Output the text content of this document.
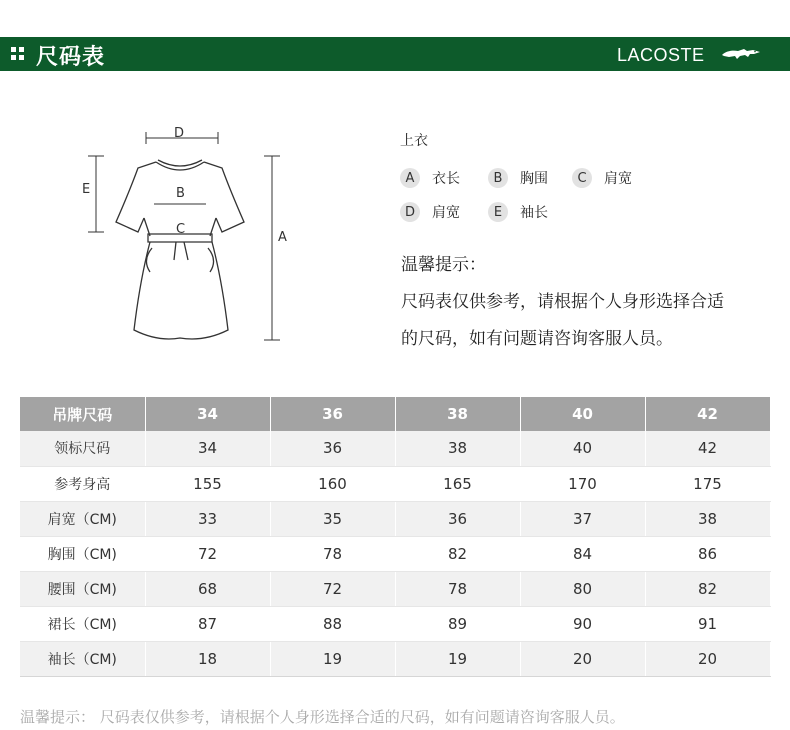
尺码表	LACOSTE
D
E	B
C
A
上衣
A	衣长	B	胸围	C	肩宽
D	肩宽	E	袖长
温馨提示：
尺码表仅供参考，请根据个人身形选择合适
的尺码，如有问题请咨询客服人员。
吊牌尺码	34	36	38	40	42
领标尺码	34	36	38	40	42
参考身高	155	160	165	170	175
肩宽（CM)	33	35	36	37	38
胸围（CM)	72	78	82	84	86
腰围（CM)	68	72	78	80	82
裙长（CM)	87	88	89	90	91
袖长（CM)	18	19	19	20	20
温馨提示： 尺码表仅供参考，请根据个人身形选择合适的尺码，如有问题请咨询客服人员。
